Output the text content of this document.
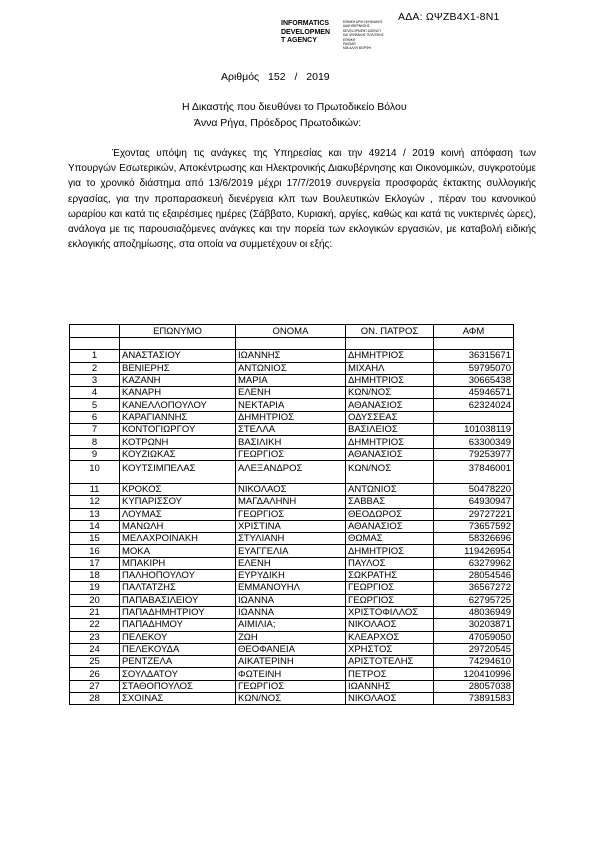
ΑΔΑ: ΩΨΖΒ4Χ1-8Ν1
INFORMATICS
DEVELOPMEN
T AGENCY
ΕΘΝΙΚΗ ΑΡΧΗ ΨΗΦΙΑΚΗΣ
ΔΙΑΚΥΒΕΡΝΗΣΗΣ
DEVELOPMENT AGENCY
ΚΑΙ ΨΗΦΙΑΚΗΣ ΠΟΛΙΤΙΚΗΣ
ΕΘΝΙΚΗ
PASSAR
ΜΙΑ ΑΛΛΗ ΜΟΡΦΗ
Αριθμός 152 / 2019
Η Δικαστής που διευθύνει το Πρωτοδικείο Βόλου
Άννα Ρήγα, Πρόεδρος Πρωτοδικών:
Έχοντας υπόψη τις ανάγκες της Υπηρεσίας και την 49214 / 2019 κοινή απόφαση των Υπουργών Εσωτερικών, Αποκέντρωσης και Ηλεκτρονικής Διακυβέρνησης και Οικονομικών, συγκροτούμε για το χρονικό διάστημα από 13/6/2019 μέχρι 17/7/2019 συνεργεία προσφοράς έκτακτης συλλογικής εργασίας, για την προπαρασκευή διενέργεια κλπ των Βουλευτικών Εκλογών , πέραν του κανονικού ωραρίου και κατά τις εξαιρέσιμες ημέρες (Σάββατο, Κυριακή, αργίες, καθώς και κατά τις νυκτερινές ώρες), ανάλογα με τις παρουσιαζόμενες ανάγκες και την πορεία των εκλογικών εργασιών, με καταβολή ειδικής εκλογικής αποζημίωσης, στα οποία να συμμετέχουν οι εξής:
	ΕΠΩΝΥΜΟ	ΟΝΟΜΑ	ΟΝ. ΠΑΤΡΟΣ	ΑΦΜ

1	ΑΝΑΣΤΑΣΙΟΥ	ΙΩΑΝΝΗΣ	ΔΗΜΗΤΡΙΟΣ	36315671
2	ΒΕΝΙΕΡΗΣ	ΑΝΤΩΝΙΟΣ	ΜΙΧΑΗΛ	59795070
3	ΚΑΖΑΝΗ	ΜΑΡΙΑ	ΔΗΜΗΤΡΙΟΣ	30665438
4	ΚΑΝΑΡΗ	ΕΛΕΝΗ	ΚΩΝ/ΝΟΣ	45946571
5	ΚΑΝΕΛΛΟΠΟΥΛΟΥ	ΝΕΚΤΑΡΙΑ	ΑΘΑΝΑΣΙΟΣ	62324024
6	ΚΑΡΑΓΙΑΝΝΗΣ	ΔΗΜΗΤΡΙΟΣ	ΟΔΥΣΣΕΑΣ	
7	ΚΟΝΤΟΓΙΩΡΓΟΥ	ΣΤΕΛΛΑ	ΒΑΣΙΛΕΙΟΣ	101038119
8	ΚΟΤΡΩΝΗ	ΒΑΣΙΛΙΚΗ	ΔΗΜΗΤΡΙΟΣ	63300349
9	ΚΟΥΖΙΩΚΑΣ	ΓΕΩΡΓΙΟΣ	ΑΘΑΝΑΣΙΟΣ	79253977
10	ΚΟΥΤΣΙΜΠΕΛΑΣ	ΑΛΕΞΑΝΔΡΟΣ	ΚΩΝ/ΝΟΣ	37846001
11	ΚΡΟΚΟΣ	ΝΙΚΟΛΑΟΣ	ΑΝΤΩΝΙΟΣ	50478220
12	ΚΥΠΑΡΙΣΣΟΥ	ΜΑΓΔΑΛΗΝΗ	ΣΑΒΒΑΣ	64930947
13	ΛΟΥΜΑΣ	ΓΕΩΡΓΙΟΣ	ΘΕΟΔΩΡΟΣ	29727221
14	ΜΑΝΩΛΗ	ΧΡΙΣΤΙΝΑ	ΑΘΑΝΑΣΙΟΣ	73657592
15	ΜΕΛΑΧΡΟΙΝΑΚΗ	ΣΤΥΛΙΑΝΗ	ΘΩΜΑΣ	58326696
16	ΜΟΚΑ	ΕΥΑΓΓΕΛΙΑ	ΔΗΜΗΤΡΙΟΣ	119426954
17	ΜΠΑΚΙΡΗ	ΕΛΕΝΗ	ΠΑΥΛΟΣ	63279962
18	ΠΑΛΗΟΠΟΥΛΟΥ	ΕΥΡΥΔΙΚΗ	ΣΩΚΡΑΤΗΣ	28054546
19	ΠΑΛΤΑΤΖΗΣ	ΕΜΜΑΝΟΥΗΛ	ΓΕΩΡΓΙΟΣ	36567272
20	ΠΑΠΑΒΑΣΙΛΕΙΟΥ	ΙΩΑΝΝΑ	ΓΕΩΡΓΙΟΣ	62795725
21	ΠΑΠΑΔΗΜΗΤΡΙΟΥ	ΙΩΑΝΝΑ	ΧΡΙΣΤΟΦΙΛΛΟΣ	48036949
22	ΠΑΠΑΔΗΜΟΥ	ΑΙΜΙΛΙΑ;	ΝΙΚΟΛΑΟΣ	30203871
23	ΠΕΛΕΚΟΥ	ΖΩΗ	ΚΛΕΑΡΧΟΣ	47059050
24	ΠΕΛΕΚΟΥΔΑ	ΘΕΟΦΑΝΕΙΑ	ΧΡΗΣΤΟΣ	29720545
25	ΡΕΝΤΖΕΛΑ	ΑΙΚΑΤΕΡΙΝΗ	ΑΡΙΣΤΟΤΕΛΗΣ	74294610
26	ΣΟΥΛΔΑΤΟΥ	ΦΩΤΕΙΝΗ	ΠΕΤΡΟΣ	120410996
27	ΣΤΑΘΟΠΟΥΛΟΣ	ΓΕΩΡΓΙΟΣ	ΙΩΑΝΝΗΣ	28057038
28	ΣΧΟΙΝΑΣ	ΚΩΝ/ΝΟΣ	ΝΙΚΟΛΑΟΣ	73891583
